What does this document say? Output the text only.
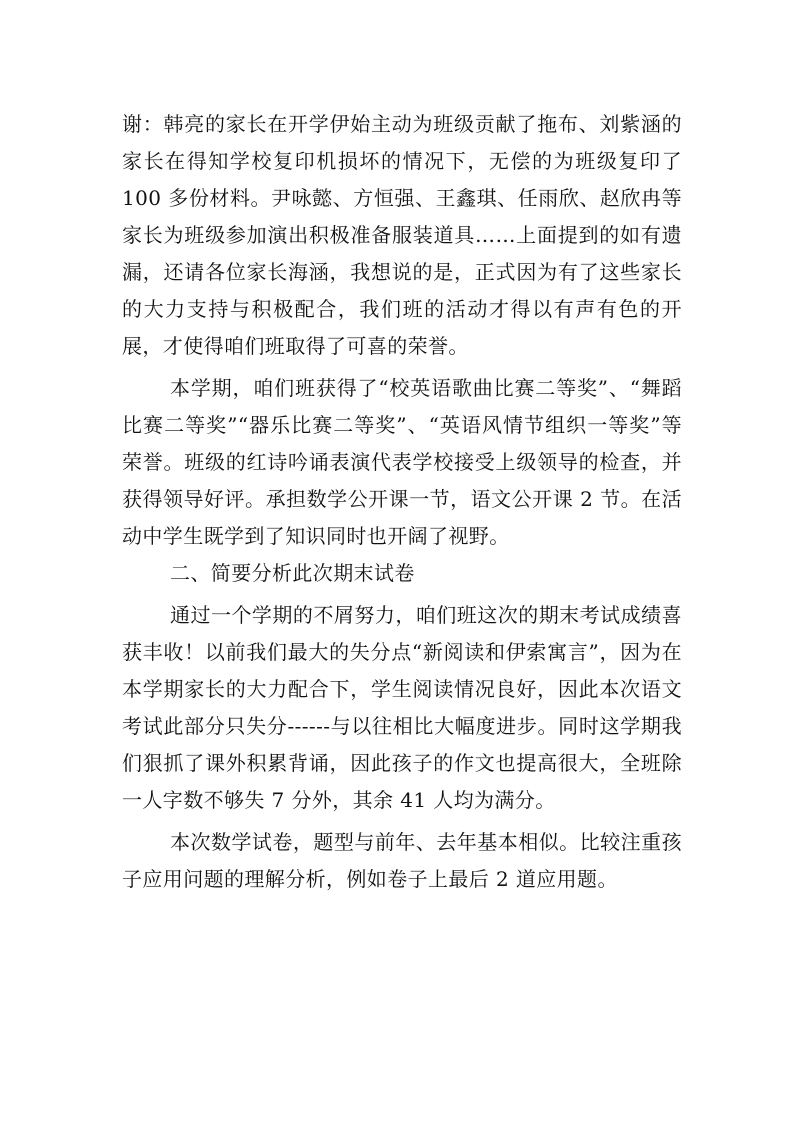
谢：韩亮的家长在开学伊始主动为班级贡献了拖布、刘紫涵的家长在得知学校复印机损坏的情况下，无偿的为班级复印了 100 多份材料。尹咏懿、方恒强、王鑫琪、任雨欣、赵欣冉等家长为班级参加演出积极准备服装道具……上面提到的如有遗漏，还请各位家长海涵，我想说的是，正式因为有了这些家长的大力支持与积极配合，我们班的活动才得以有声有色的开展，才使得咱们班取得了可喜的荣誉。

本学期，咱们班获得了“校英语歌曲比赛二等奖”、“舞蹈比赛二等奖”“器乐比赛二等奖”、“英语风情节组织一等奖”等荣誉。班级的红诗吟诵表演代表学校接受上级领导的检查，并获得领导好评。承担数学公开课一节，语文公开课 2 节。在活动中学生既学到了知识同时也开阔了视野。

二、简要分析此次期末试卷

通过一个学期的不屑努力，咱们班这次的期末考试成绩喜获丰收！以前我们最大的失分点“新阅读和伊索寓言”，因为在本学期家长的大力配合下，学生阅读情况良好，因此本次语文考试此部分只失分------与以往相比大幅度进步。同时这学期我们狠抓了课外积累背诵，因此孩子的作文也提高很大，全班除一人字数不够失 7 分外，其余 41 人均为满分。

本次数学试卷，题型与前年、去年基本相似。比较注重孩子应用问题的理解分析，例如卷子上最后 2 道应用题。
